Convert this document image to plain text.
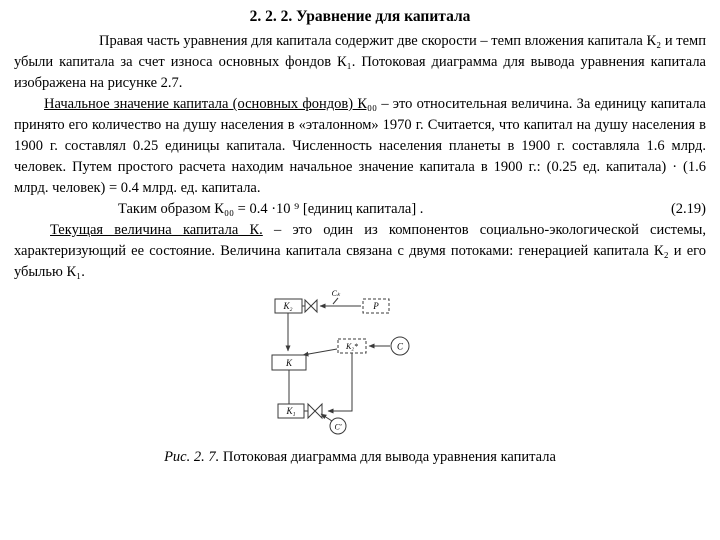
2. 2. 2. Уравнение для капитала

Правая часть уравнения для капитала содержит две скорости – темп вложения капитала К₂ и темп убыли капитала за счет износа основных фондов К₁. Потоковая диаграмма для вывода уравнения капитала изображена на рисунке 2.7.

Начальное значение капитала (основных фондов) К₀₀ – это относительная величина. За единицу капитала принято его количество на душу населения в «эталонном» 1970 г. Считается, что капитал на душу населения в 1900 г. составлял 0.25 единицы капитала. Численность населения планеты в 1900 г. составляла 1.6 млрд. человек. Путем простого расчета находим начальное значение капитала в 1900 г.: (0.25 ед. капитала) · (1.6 млрд. человек) = 0.4 млрд. ед. капитала.

Таким образом К₀₀ = 0.4 ·10 ⁹ [единиц капитала] .	(2.19)

Текущая величина капитала К. – это один из компонентов социально-экологической системы, характеризующий ее состояние. Величина капитала связана с двумя потоками: генерацией капитала К₂ и его убылью К₁.

К₂
Сₖ
Р
К
К₂*	С
К₁
С'

Рис. 2. 7. Потоковая диаграмма для вывода уравнения капитала
